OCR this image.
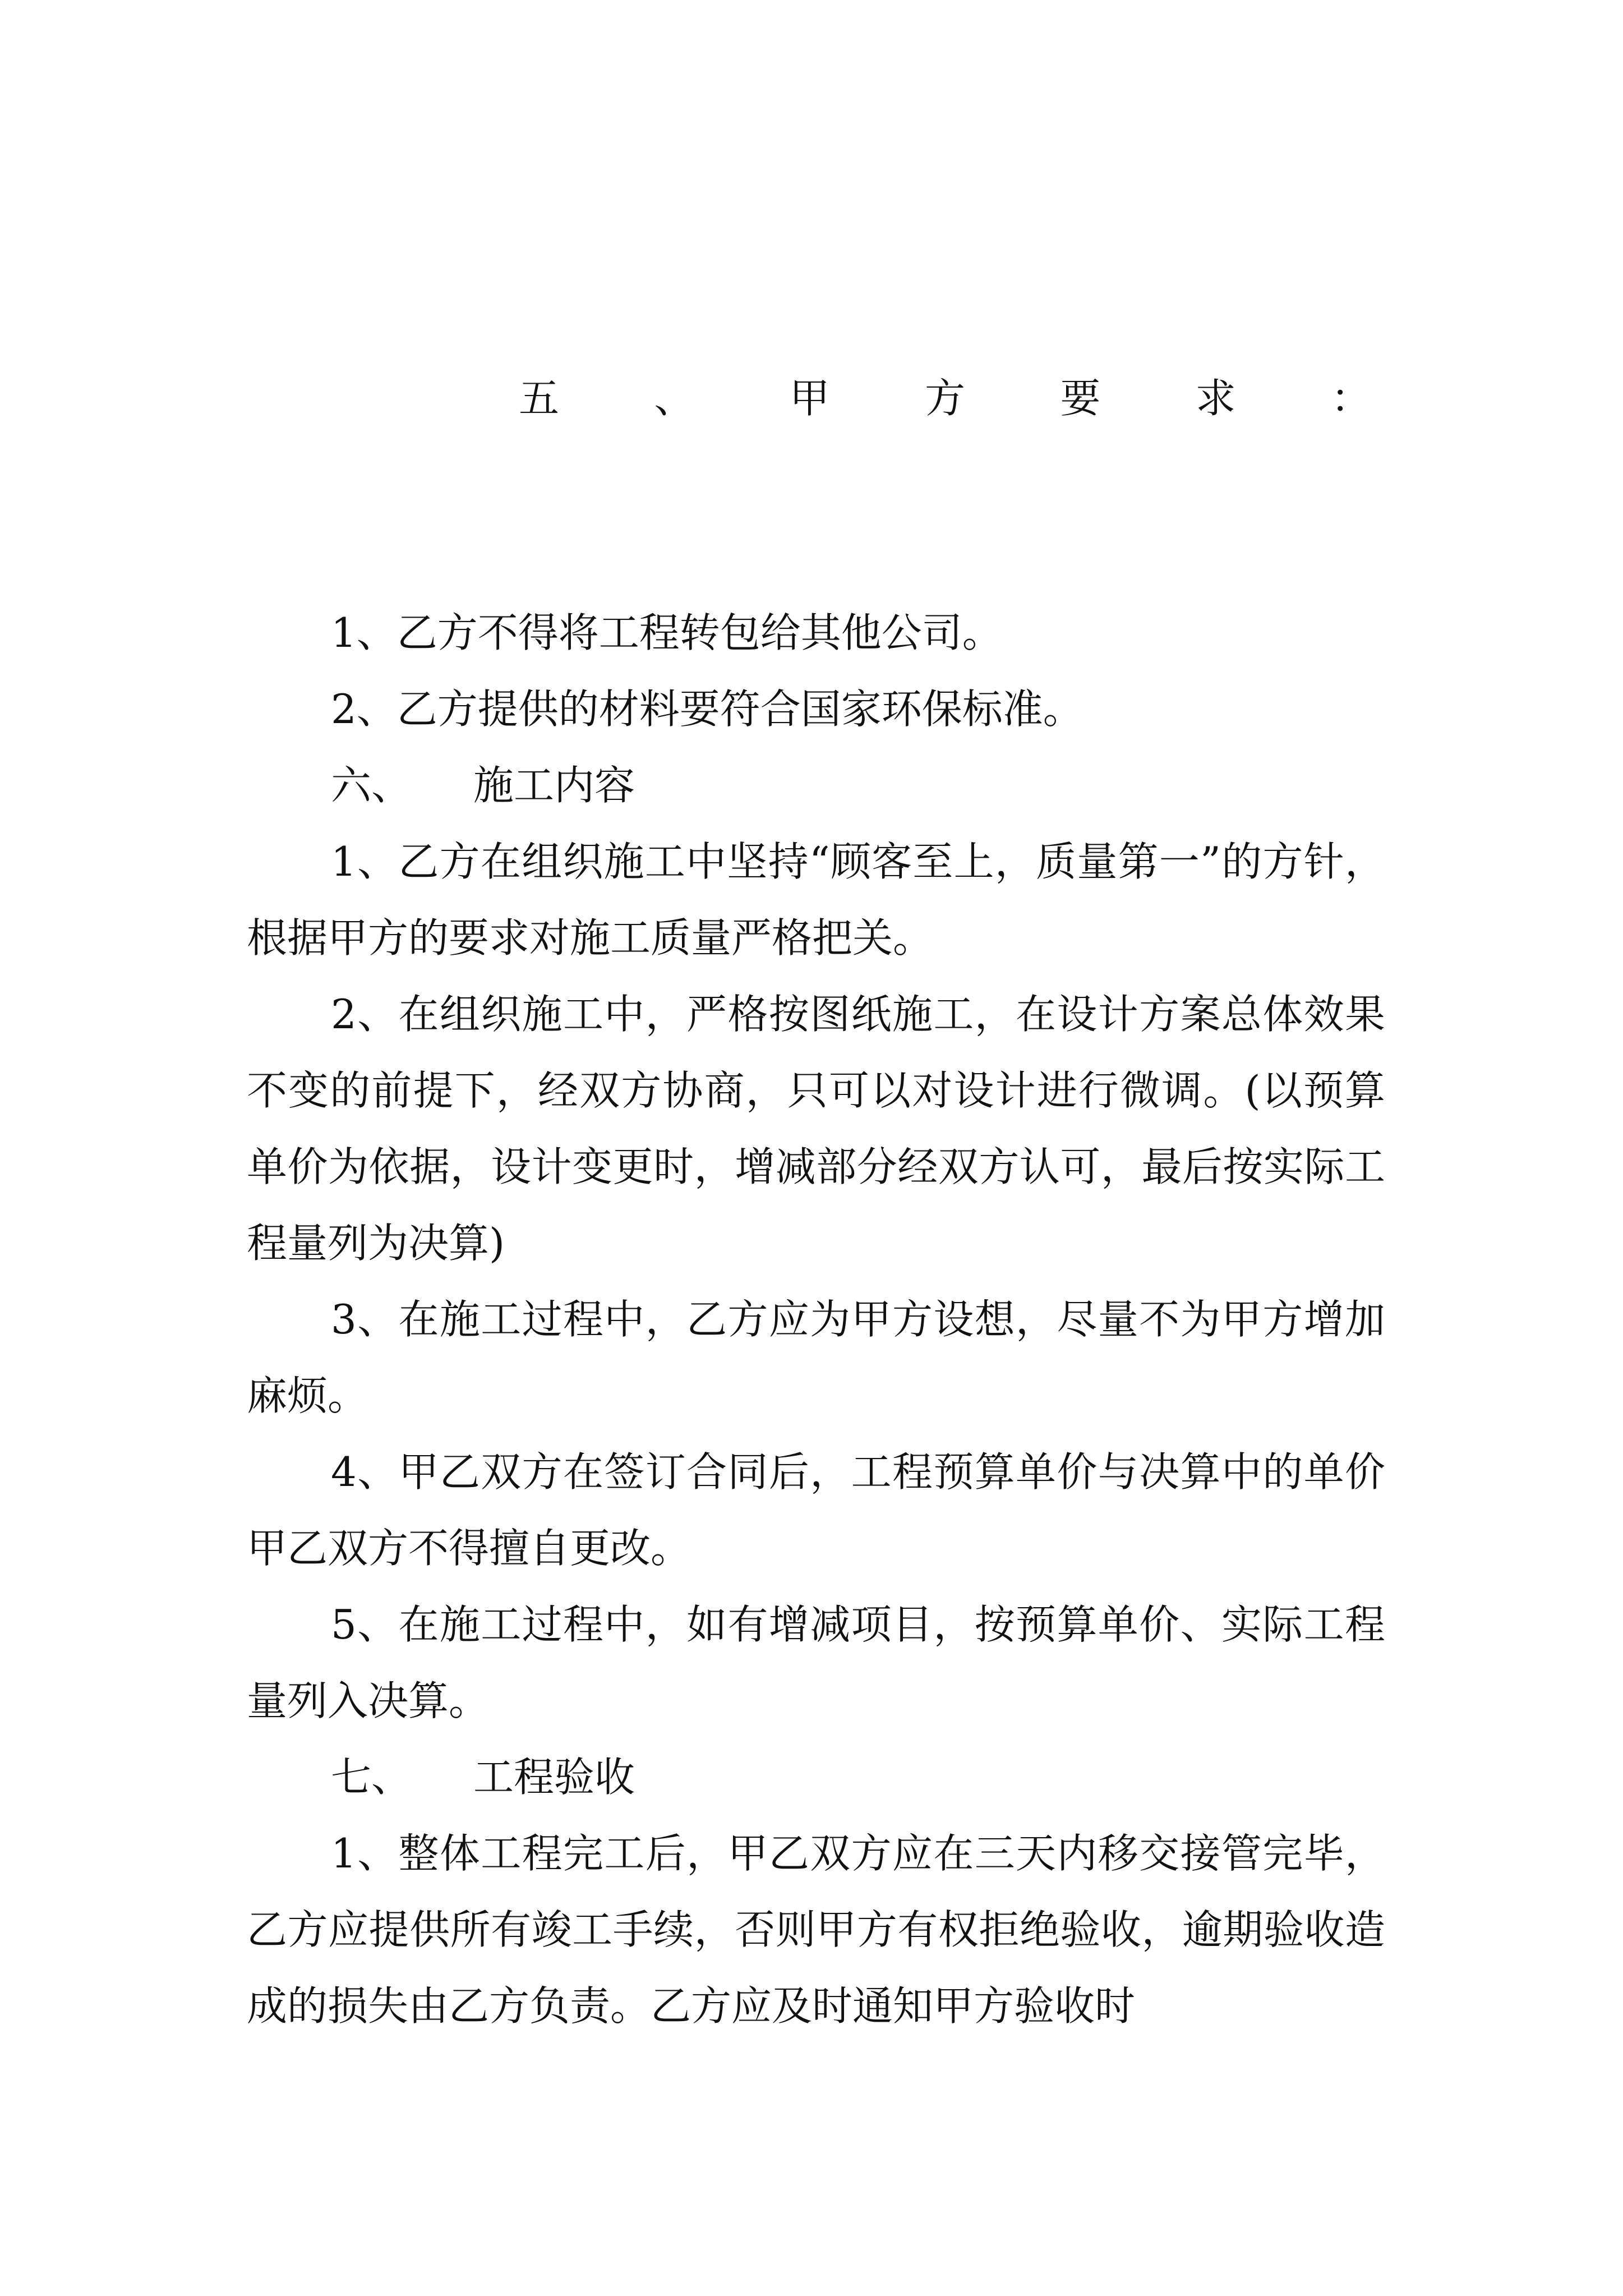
五 、 甲 方 要 求 ：

1、乙方不得将工程转包给其他公司。

2、乙方提供的材料要符合国家环保标准。

六、 施工内容

1、乙方在组织施工中坚持“顾客至上，质量第一”的方针，根据甲方的要求对施工质量严格把关。

2、在组织施工中，严格按图纸施工，在设计方案总体效果不变的前提下，经双方协商，只可以对设计进行微调。(以预算单价为依据，设计变更时，增减部分经双方认可，最后按实际工程量列为决算)

3、在施工过程中，乙方应为甲方设想，尽量不为甲方增加麻烦。

4、甲乙双方在签订合同后，工程预算单价与决算中的单价甲乙双方不得擅自更改。

5、在施工过程中，如有增减项目，按预算单价、实际工程量列入决算。

七、 工程验收

1、整体工程完工后，甲乙双方应在三天内移交接管完毕，乙方应提供所有竣工手续，否则甲方有权拒绝验收，逾期验收造成的损失由乙方负责。乙方应及时通知甲方验收时
